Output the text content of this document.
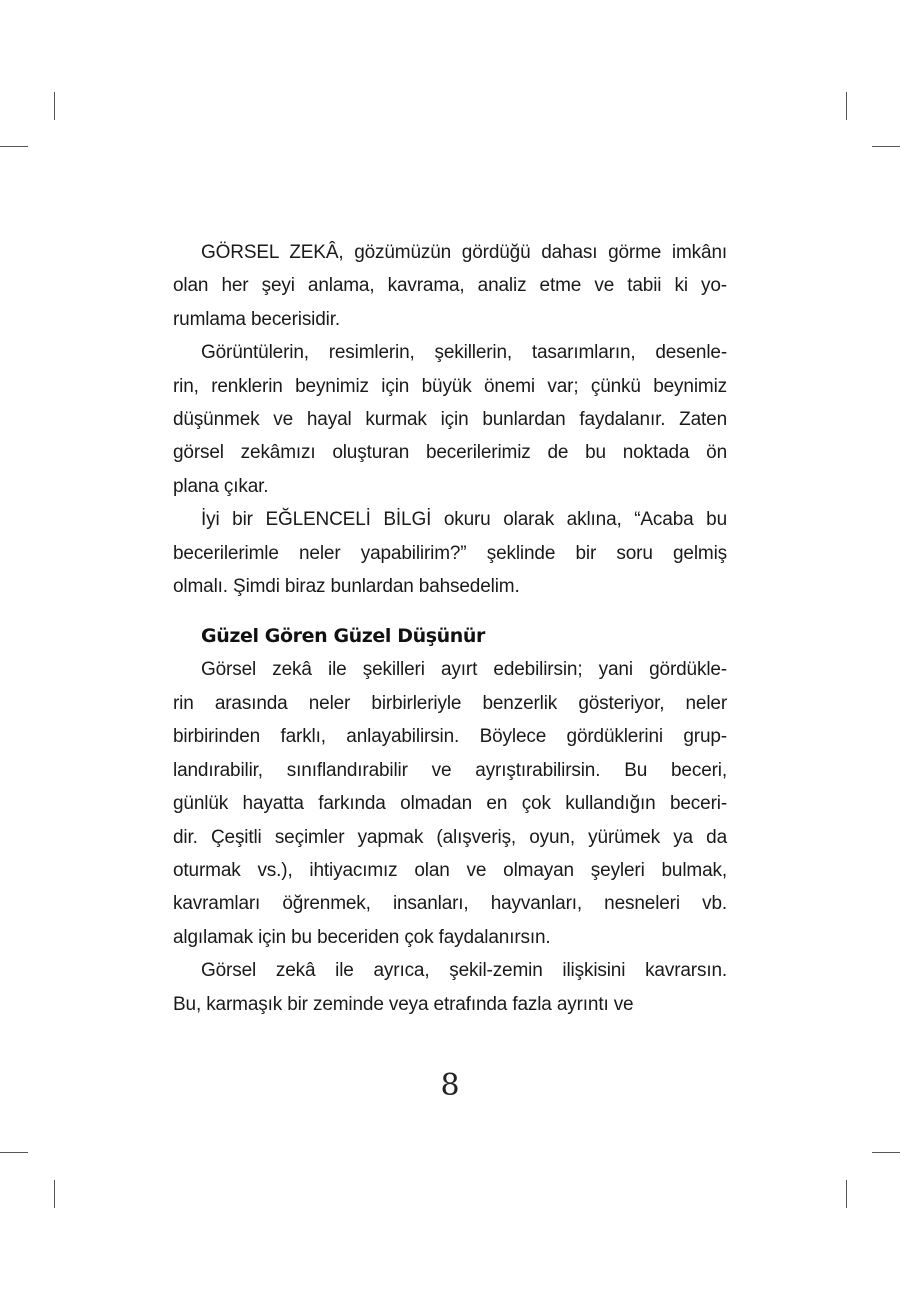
GÖRSEL ZEKÂ, gözümüzün gördüğü dahası görme imkânı
olan her şeyi anlama, kavrama, analiz etme ve tabii ki yo-
rumlama becerisidir.
Görüntülerin, resimlerin, şekillerin, tasarımların, desenle-
rin, renklerin beynimiz için büyük önemi var; çünkü beynimiz
düşünmek ve hayal kurmak için bunlardan faydalanır. Zaten
görsel zekâmızı oluşturan becerilerimiz de bu noktada ön
plana çıkar.
İyi bir EĞLENCELİ BİLGİ okuru olarak aklına, “Acaba bu
becerilerimle neler yapabilirim?” şeklinde bir soru gelmiş
olmalı. Şimdi biraz bunlardan bahsedelim.
Güzel Gören Güzel Düşünür
Görsel zekâ ile şekilleri ayırt edebilirsin; yani gördükle-
rin arasında neler birbirleriyle benzerlik gösteriyor, neler
birbirinden farklı, anlayabilirsin. Böylece gördüklerini grup-
landırabilir, sınıflandırabilir ve ayrıştırabilirsin. Bu beceri,
günlük hayatta farkında olmadan en çok kullandığın beceri-
dir. Çeşitli seçimler yapmak (alışveriş, oyun, yürümek ya da
oturmak vs.), ihtiyacımız olan ve olmayan şeyleri bulmak,
kavramları öğrenmek, insanları, hayvanları, nesneleri vb.
algılamak için bu beceriden çok faydalanırsın.
Görsel zekâ ile ayrıca, şekil-zemin ilişkisini kavrarsın.
Bu, karmaşık bir zeminde veya etrafında fazla ayrıntı ve
8
